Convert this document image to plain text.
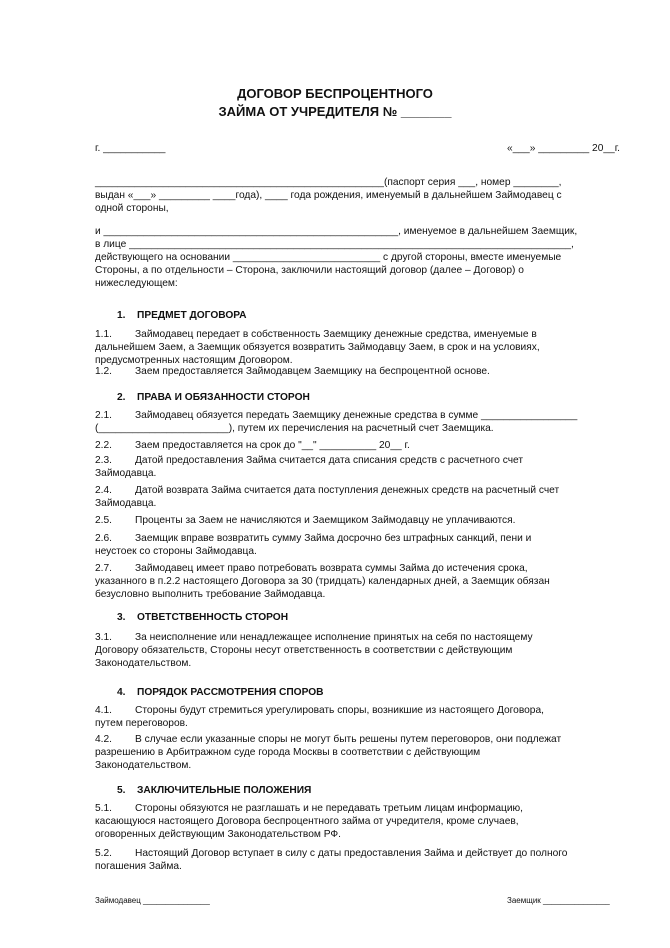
ДОГОВОР БЕСПРОЦЕНТНОГО
ЗАЙМА ОТ УЧРЕДИТЕЛЯ № _______
г. ___________	«___» _________ 20__г.
___________________________________________________(паспорт серия ___, номер ________,
выдан «___» _________ ____года), ____ года рождения, именуемый в дальнейшем Займодавец с
одной стороны,
и ____________________________________________________, именуемое в дальнейшем Заемщик,
в лице ______________________________________________________________________________,
действующего на основании __________________________ с другой стороны, вместе именуемые
Стороны, а по отдельности – Сторона, заключили настоящий договор (далее – Договор) о
нижеследующем:
1. ПРЕДМЕТ ДОГОВОРА
1.1. Займодавец передает в собственность Заемщику денежные средства, именуемые в
дальнейшем Заем, а Заемщик обязуется возвратить Займодавцу Заем, в срок и на условиях,
предусмотренных настоящим Договором.
1.2. Заем предоставляется Займодавцем Заемщику на беспроцентной основе.
2. ПРАВА И ОБЯЗАННОСТИ СТОРОН
2.1. Займодавец обязуется передать Заемщику денежные средства в сумме _________________
(_______________________), путем их перечисления на расчетный счет Заемщика.
2.2. Заем предоставляется на срок до "__" __________ 20__ г.
2.3. Датой предоставления Займа считается дата списания средств с расчетного счет
Займодавца.
2.4. Датой возврата Займа считается дата поступления денежных средств на расчетный счет
Займодавца.
2.5. Проценты за Заем не начисляются и Заемщиком Займодавцу не уплачиваются.
2.6. Заемщик вправе возвратить сумму Займа досрочно без штрафных санкций, пени и
неустоек со стороны Займодавца.
2.7. Займодавец имеет право потребовать возврата суммы Займа до истечения срока,
указанного в п.2.2 настоящего Договора за 30 (тридцать) календарных дней, а Заемщик обязан
безусловно выполнить требование Займодавца.
3. ОТВЕТСТВЕННОСТЬ СТОРОН
3.1. За неисполнение или ненадлежащее исполнение принятых на себя по настоящему
Договору обязательств, Стороны несут ответственность в соответствии с действующим
Законодательством.
4. ПОРЯДОК РАССМОТРЕНИЯ СПОРОВ
4.1. Стороны будут стремиться урегулировать споры, возникшие из настоящего Договора,
путем переговоров.
4.2. В случае если указанные споры не могут быть решены путем переговоров, они подлежат
разрешению в Арбитражном суде города Москвы в соответствии с действующим
Законодательством.
5. ЗАКЛЮЧИТЕЛЬНЫЕ ПОЛОЖЕНИЯ
5.1. Стороны обязуются не разглашать и не передавать третьим лицам информацию,
касающуюся настоящего Договора беспроцентного займа от учредителя, кроме случаев,
оговоренных действующим Законодательством РФ.
5.2. Настоящий Договор вступает в силу с даты предоставления Займа и действует до полного
погашения Займа.
Займодавец _______________	Заемщик _______________
